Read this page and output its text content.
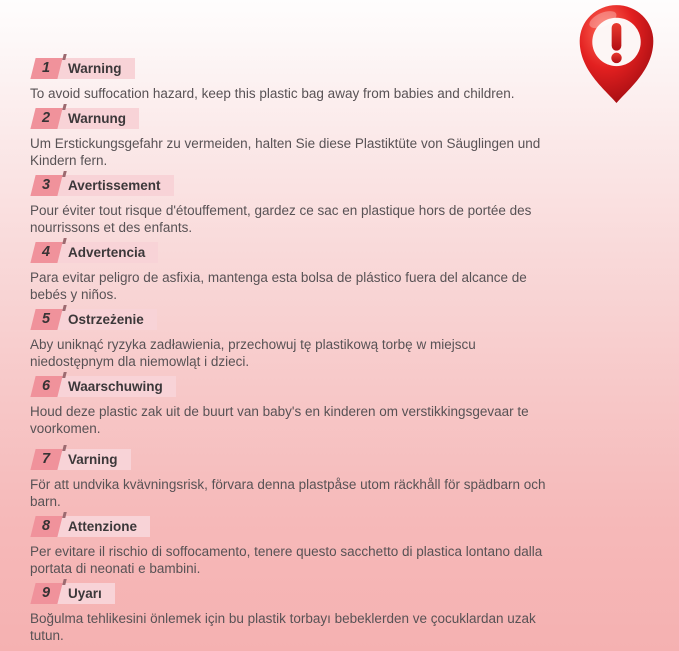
1	Warning

To avoid suffocation hazard, keep this plastic bag away from babies and children.

2	Warnung

Um Erstickungsgefahr zu vermeiden, halten Sie diese Plastiktüte von Säuglingen und Kindern fern.

3	Avertissement

Pour éviter tout risque d'étouffement, gardez ce sac en plastique hors de portée des nourrissons et des enfants.

4	Advertencia

Para evitar peligro de asfixia, mantenga esta bolsa de plástico fuera del alcance de bebés y niños.

5	Ostrzeżenie

Aby uniknąć ryzyka zadławienia, przechowuj tę plastikową torbę w miejscu niedostępnym dla niemowląt i dzieci.

6	Waarschuwing

Houd deze plastic zak uit de buurt van baby's en kinderen om verstikkingsgevaar te voorkomen.

7	Varning

För att undvika kvävningsrisk, förvara denna plastpåse utom räckhåll för spädbarn och barn.

8	Attenzione

Per evitare il rischio di soffocamento, tenere questo sacchetto di plastica lontano dalla portata di neonati e bambini.

9	Uyarı

Boğulma tehlikesini önlemek için bu plastik torbayı bebeklerden ve çocuklardan uzak tutun.
